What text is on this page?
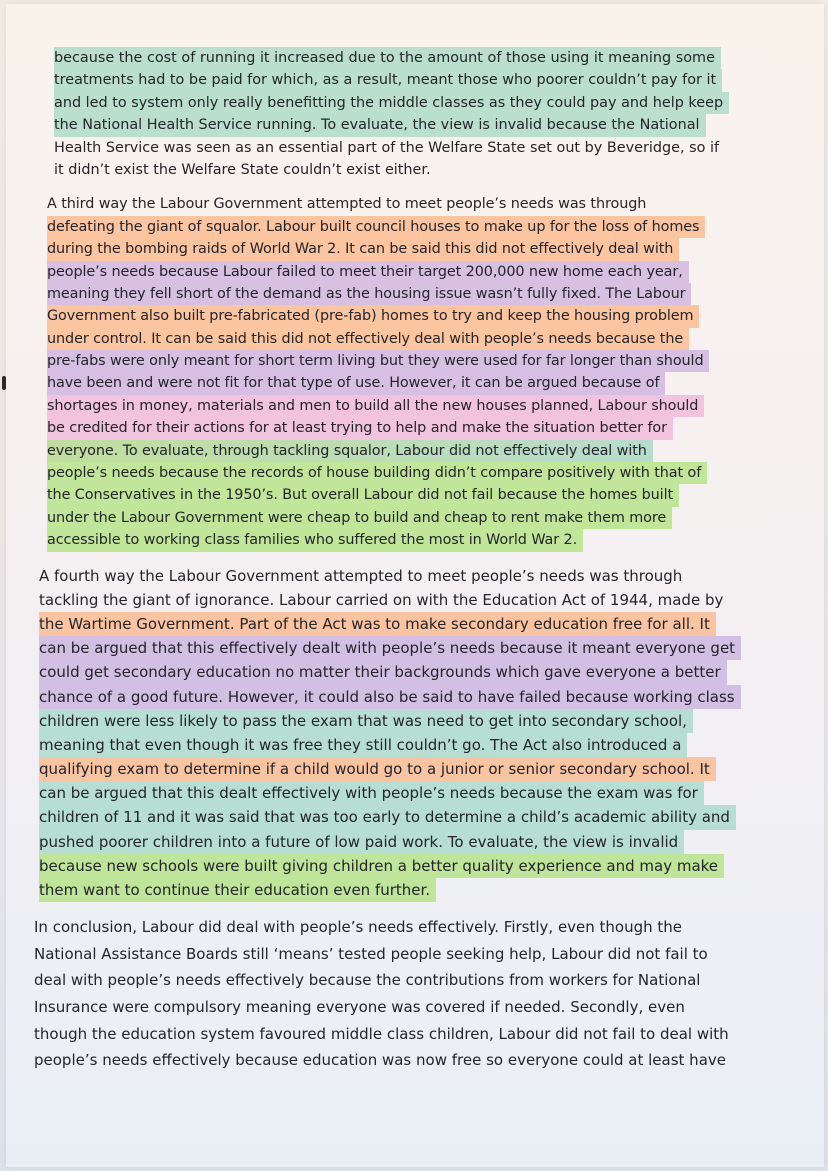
because the cost of running it increased due to the amount of those using it meaning some treatments had to be paid for which, as a result, meant those who poorer couldn’t pay for it and led to system only really benefitting the middle classes as they could pay and help keep the National Health Service running. To evaluate, the view is invalid because the National
Health Service was seen as an essential part of the Welfare State set out by Beveridge, so if
it didn’t exist the Welfare State couldn’t exist either.
A third way the Labour Government attempted to meet people’s needs was through
defeating the giant of squalor. Labour built council houses to make up for the loss of homes during the bombing raids of World War 2. It can be said this did not effectively deal with people’s needs because Labour failed to meet their target 200,000 new home each year, meaning they fell short of the demand as the housing issue wasn’t fully fixed. The Labour Government also built pre-fabricated (pre-fab) homes to try and keep the housing problem under control. It can be said this did not effectively deal with people’s needs because the pre-fabs were only meant for short term living but they were used for far longer than should have been and were not fit for that type of use. However, it can be argued because of shortages in money, materials and men to build all the new houses planned, Labour should be credited for their actions for at least trying to help and make the situation better for everyone. To evaluate, through tackling squalor, Labour did not effectively deal with people’s needs because the records of house building didn’t compare positively with that of the Conservatives in the 1950’s. But overall Labour did not fail because the homes built under the Labour Government were cheap to build and cheap to rent make them more accessible to working class families who suffered the most in World War 2.
A fourth way the Labour Government attempted to meet people’s needs was through
tackling the giant of ignorance. Labour carried on with the Education Act of 1944, made by
the Wartime Government. Part of the Act was to make secondary education free for all. It can be argued that this effectively dealt with people’s needs because it meant everyone get could get secondary education no matter their backgrounds which gave everyone a better chance of a good future. However, it could also be said to have failed because working class children were less likely to pass the exam that was need to get into secondary school, meaning that even though it was free they still couldn’t go. The Act also introduced a qualifying exam to determine if a child would go to a junior or senior secondary school. It can be argued that this dealt effectively with people’s needs because the exam was for children of 11 and it was said that was too early to determine a child’s academic ability and pushed poorer children into a future of low paid work. To evaluate, the view is invalid because new schools were built giving children a better quality experience and may make them want to continue their education even further.
In conclusion, Labour did deal with people’s needs effectively. Firstly, even though the
National Assistance Boards still ‘means’ tested people seeking help, Labour did not fail to
deal with people’s needs effectively because the contributions from workers for National
Insurance were compulsory meaning everyone was covered if needed. Secondly, even
though the education system favoured middle class children, Labour did not fail to deal with
people’s needs effectively because education was now free so everyone could at least have
